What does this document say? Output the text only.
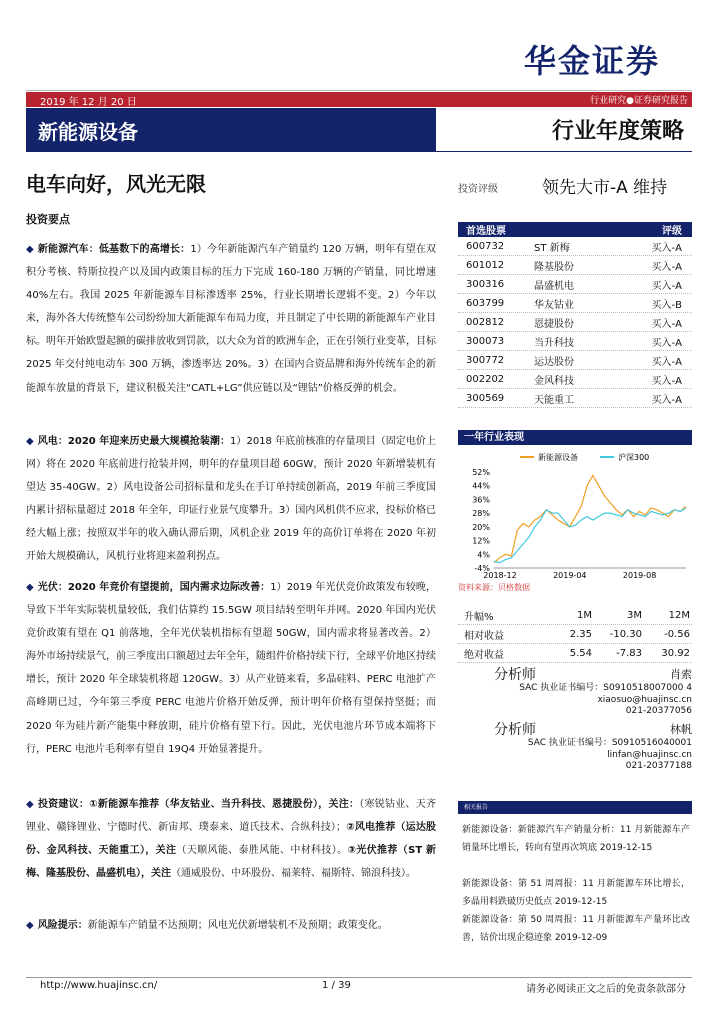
华金证券
2019 年 12 月 20 日	行业研究●证券研究报告
新能源设备	行业年度策略
电车向好，风光无限	投资评级	领先大市-A 维持
投资要点
◆ 新能源汽车：低基数下的高增长：1）今年新能源汽车产销量约 120 万辆，明年有望在双积分考核、特斯拉投产以及国内政策目标的压力下完成 160-180 万辆的产销量，同比增速 40%左右。我国 2025 年新能源车目标渗透率 25%，行业长期增长逻辑不变。2）今年以来，海外各大传统整车公司纷纷加大新能源车布局力度，并且制定了中长期的新能源车产业目标。明年开始欧盟起额的碳排放收到罚款，以大众为首的欧洲车企，正在引领行业变革，目标 2025 年交付纯电动车 300 万辆，渗透率达 20%。3）在国内合资品牌和海外传统车企的新能源车放量的背景下，建议积极关注“CATL+LG”供应链以及“锂钴”价格反弹的机会。
◆ 风电：2020 年迎来历史最大规模抢装潮：1）2018 年底前核准的存量项目（固定电价上网）将在 2020 年底前进行抢装并网，明年的存量项目超 60GW，预计 2020 年新增装机有望达 35-40GW。2）风电设备公司招标量和龙头在手订单持续创新高，2019 年前三季度国内累计招标量超过 2018 年全年，印证行业景气度攀升。3）国内风机供不应求，投标价格已经大幅上涨；按照双半年的收入确认滞后期，风机企业 2019 年的高价订单将在 2020 年初开始大规模确认，风机行业将迎来盈利拐点。
◆ 光伏：2020 年竞价有望提前，国内需求边际改善：1）2019 年光伏竞价政策发布较晚，导致下半年实际装机量较低，我们估算约 15.5GW 项目结转至明年并网。2020 年国内光伏竞价政策有望在 Q1 前落地，全年光伏装机指标有望超 50GW，国内需求将显著改善。2）海外市场持续景气，前三季度出口额超过去年全年，随组件价格持续下行，全球平价地区持续增长，预计 2020 年全球装机将超 120GW。3）从产业链来看，多晶硅料、PERC 电池扩产高峰期已过，今年第三季度 PERC 电池片价格开始反弹，预计明年价格有望保持坚挺；而 2020 年为硅片新产能集中释放期，硅片价格有望下行。因此，光伏电池片环节成本端将下行，PERC 电池片毛利率有望自 19Q4 开始显著提升。
◆ 投资建议：①新能源车推荐（华友钴业、当升科技、恩捷股份），关注：（寒锐钴业、天齐锂业、赣锋锂业、宁德时代、新宙邦、璞泰来、道氏技术、合纵科技）；②风电推荐（运达股份、金风科技、天能重工），关注（天顺风能、泰胜风能、中材科技）。③光伏推荐（ST 新梅、隆基股份、晶盛机电），关注（通威股份、中环股份、福莱特、福斯特、锦浪科技）。
◆ 风险提示：新能源车产销量不达预期；风电光伏新增装机不及预期；政策变化。
首选股票	评级
600732	ST 新梅	买入-A
601012	隆基股份	买入-A
300316	晶盛机电	买入-A
603799	华友钴业	买入-B
002812	恩捷股份	买入-A
300073	当升科技	买入-A
300772	运达股份	买入-A
002202	金风科技	买入-A
300569	天能重工	买入-A
一年行业表现
52%
44%
36%
28%
20%
12%
4%
-4%
2018-12	2019-04	2019-08
新能源设备	沪深300
资料来源：贝格数据
升幅%	1M	3M	12M
相对收益	2.35	-10.30	-0.56
绝对收益	5.54	-7.83	30.92
分析师	肖索
SAC 执业证书编号：S0910518007000 4
xiaosuo@huajinsc.cn
021-20377056
分析师	林帆
SAC 执业证书编号：S0910516040001
linfan@huajinsc.cn
021-20377188
相关报告
新能源设备：新能源汽车产销量分析：11 月新能源车产销量环比增长，转向有望再次筑底 2019-12-15
新能源设备：第 51 周周报：11 月新能源车环比增长，多晶用料跌破历史低点 2019-12-15
新能源设备：第 50 周周报：11 月新能源车产量环比改善，钴价出现企稳迹象 2019-12-09
http://www.huajinsc.cn/	1 / 39	请务必阅读正文之后的免责条款部分
